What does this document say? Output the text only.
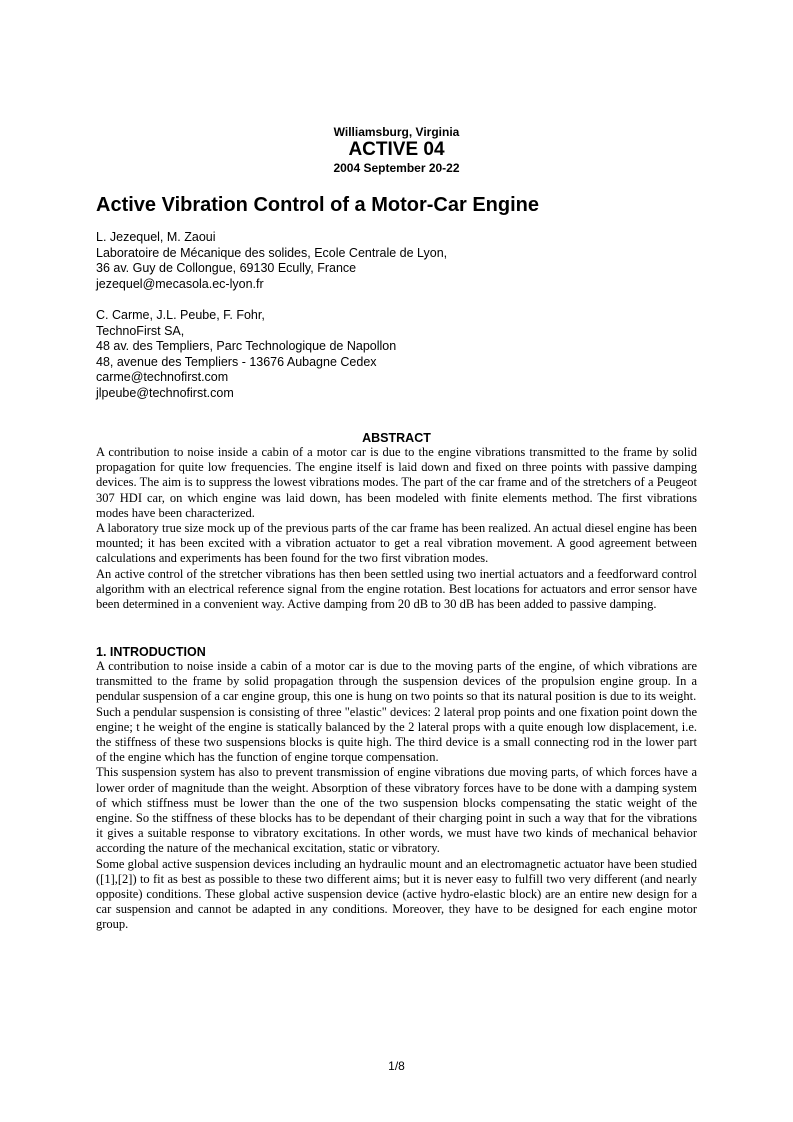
Williamsburg, Virginia
ACTIVE 04
2004 September 20-22
Active Vibration Control of a Motor-Car Engine
L. Jezequel, M. Zaoui
Laboratoire de Mécanique des solides, Ecole Centrale de Lyon,
36 av. Guy de Collongue, 69130 Ecully, France
jezequel@mecasola.ec-lyon.fr
C. Carme, J.L. Peube, F. Fohr,
TechnoFirst SA,
48 av. des Templiers, Parc Technologique de Napollon
48, avenue des Templiers - 13676 Aubagne Cedex
carme@technofirst.com
jlpeube@technofirst.com
ABSTRACT

A contribution to noise inside a cabin of a motor car is due to the engine vibrations transmitted to the frame by solid propagation for quite low frequencies. The engine itself is laid down and fixed on three points with passive damping devices. The aim is to suppress the lowest vibrations modes. The part of the car frame and of the stretchers of a Peugeot 307 HDI car, on which engine was laid down, has been modeled with finite elements method. The first vibrations modes have been characterized.

A laboratory true size mock up of the previous parts of the car frame has been realized. An actual diesel engine has been mounted; it has been excited with a vibration actuator to get a real vibration movement. A good agreement between calculations and experiments has been found for the two first vibration modes.

An active control of the stretcher vibrations has then been settled using two inertial actuators and a feedforward control algorithm with an electrical reference signal from the engine rotation. Best locations for actuators and error sensor have been determined in a convenient way. Active damping from 20 dB to 30 dB has been added to passive damping.

1. INTRODUCTION

A contribution to noise inside a cabin of a motor car is due to the moving parts of the engine, of which vibrations are transmitted to the frame by solid propagation through the suspension devices of the propulsion engine group. In a pendular suspension of a car engine group, this one is hung on two points so that its natural position is due to its weight.

Such a pendular suspension is consisting of three "elastic" devices: 2 lateral prop points and one fixation point down the engine; t he weight of the engine is statically balanced by the 2 lateral props with a quite enough low displacement, i.e. the stiffness of these two suspensions blocks is quite high. The third device is a small connecting rod in the lower part of the engine which has the function of engine torque compensation.

This suspension system has also to prevent transmission of engine vibrations due moving parts, of which forces have a lower order of magnitude than the weight. Absorption of these vibratory forces have to be done with a damping system of which stiffness must be lower than the one of the two suspension blocks compensating the static weight of the engine. So the stiffness of these blocks has to be dependant of their charging point in such a way that for the vibrations it gives a suitable response to vibratory excitations. In other words, we must have two kinds of mechanical behavior according the nature of the mechanical excitation, static or vibratory.

Some global active suspension devices including an hydraulic mount and an electromagnetic actuator have been studied ([1],[2]) to fit as best as possible to these two different aims; but it is never easy to fulfill two very different (and nearly opposite) conditions. These global active suspension device (active hydro-elastic block) are an entire new design for a car suspension and cannot be adapted in any conditions. Moreover, they have to be designed for each engine motor group.

1/8
